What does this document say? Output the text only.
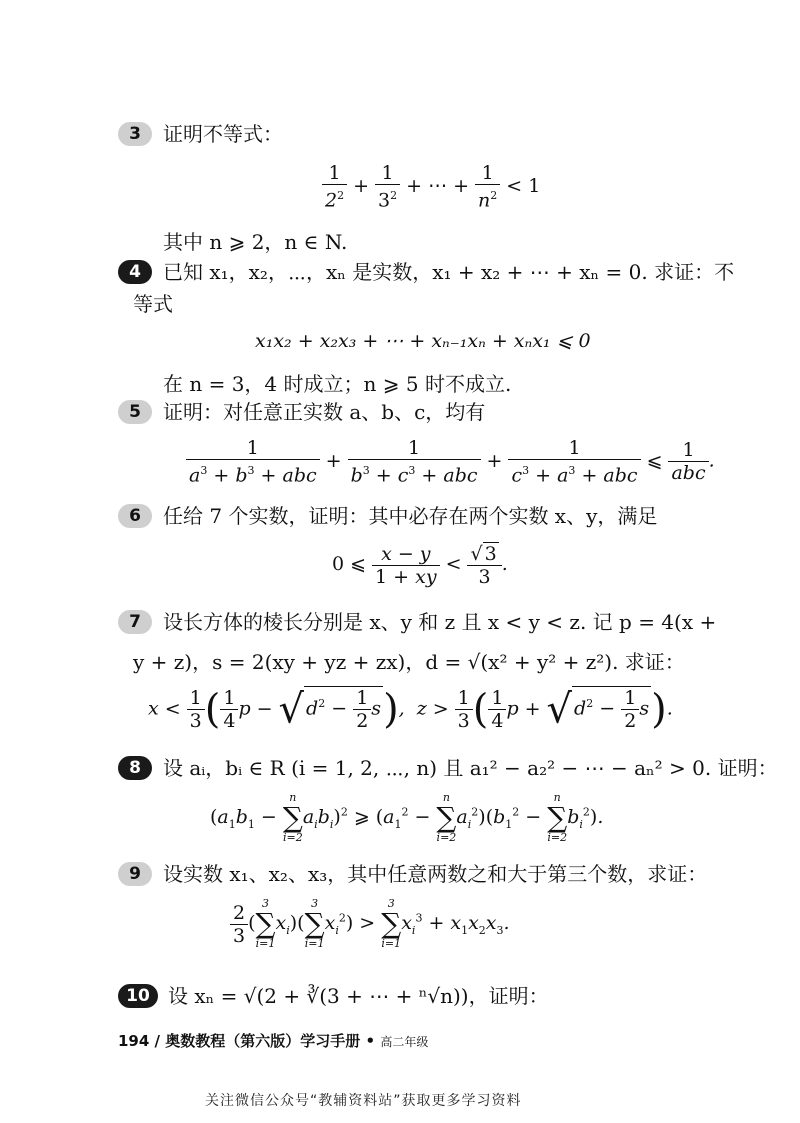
3	证明不等式：
$\frac{1}{2^2} + \frac{1}{3^2}$ + ⋯ + $\frac{1}{n^2} < 1$
其中 n ⩾ 2，n ∈ N.
4	已知 x₁，x₂，⋯，xₙ 是实数，x₁ + x₂ + ⋯ + xₙ = 0. 求证：不
等式
x₁x₂ + x₂x₃ + ⋯ + xₙ₋₁xₙ + xₙx₁ ⩽ 0
在 n = 3，4 时成立；n ⩾ 5 时不成立.
5	证明：对任意正实数 a、b、c，均有
1
$a^3 + b^3$ + abc
+
1
$b^3 + c^3$ + abc
+
1
$c^3 + a^3$ + abc
⩽	1
abc
.
6	任给 7 个实数，证明：其中必存在两个实数 x、y，满足
0 ⩽ $\frac{x - y}{1 + xy} < \frac{√ 3}{3}$ .
7	设长方体的棱长分别是 x、y 和 z 且 x < y < z. 记 p = 4(x +
y + z)，s = 2(xy + yz + zx)，d = √(x² + y² + z²). 求证：
$x < \frac{1}{3}$ ( $\frac{1}{4}$ p − √ $d^2 - \frac{1}{2} s$), $z > \frac{1}{3}$ ( $\frac{1}{4}$ p + √ $d^2 - \frac{1}{2} s$).
8	设 aᵢ，bᵢ ∈ R (i = 1, 2, ⋯, n) 且 a₁² − a₂² − ⋯ − aₙ² > 0. 证明：
($a_1b_1$ −
n
∑
i=2
$a_ib_i)^2$ ⩾ ($a_1^2$ −
n
∑
i=2
$a_i^2)(b_1^2$ −
n
∑
i=2
$b_i^2$).
9	设实数 x₁、x₂、x₃，其中任意两数之和大于第三个数，求证：
$\frac{2}{3}$ (
3
∑
i=1
$x_i$)(
3
∑
i=1
$x_i^2$) >
3
∑
i=1
$x_i^3 + x_1x_2x_3$.
10 设 xₙ = √(2 + ∛(3 + ⋯ + ⁿ√n))，证明：
194 / 奥数教程（第六版）学习手册 • 高二年级
关注微信公众号“教辅资料站”获取更多学习资料
